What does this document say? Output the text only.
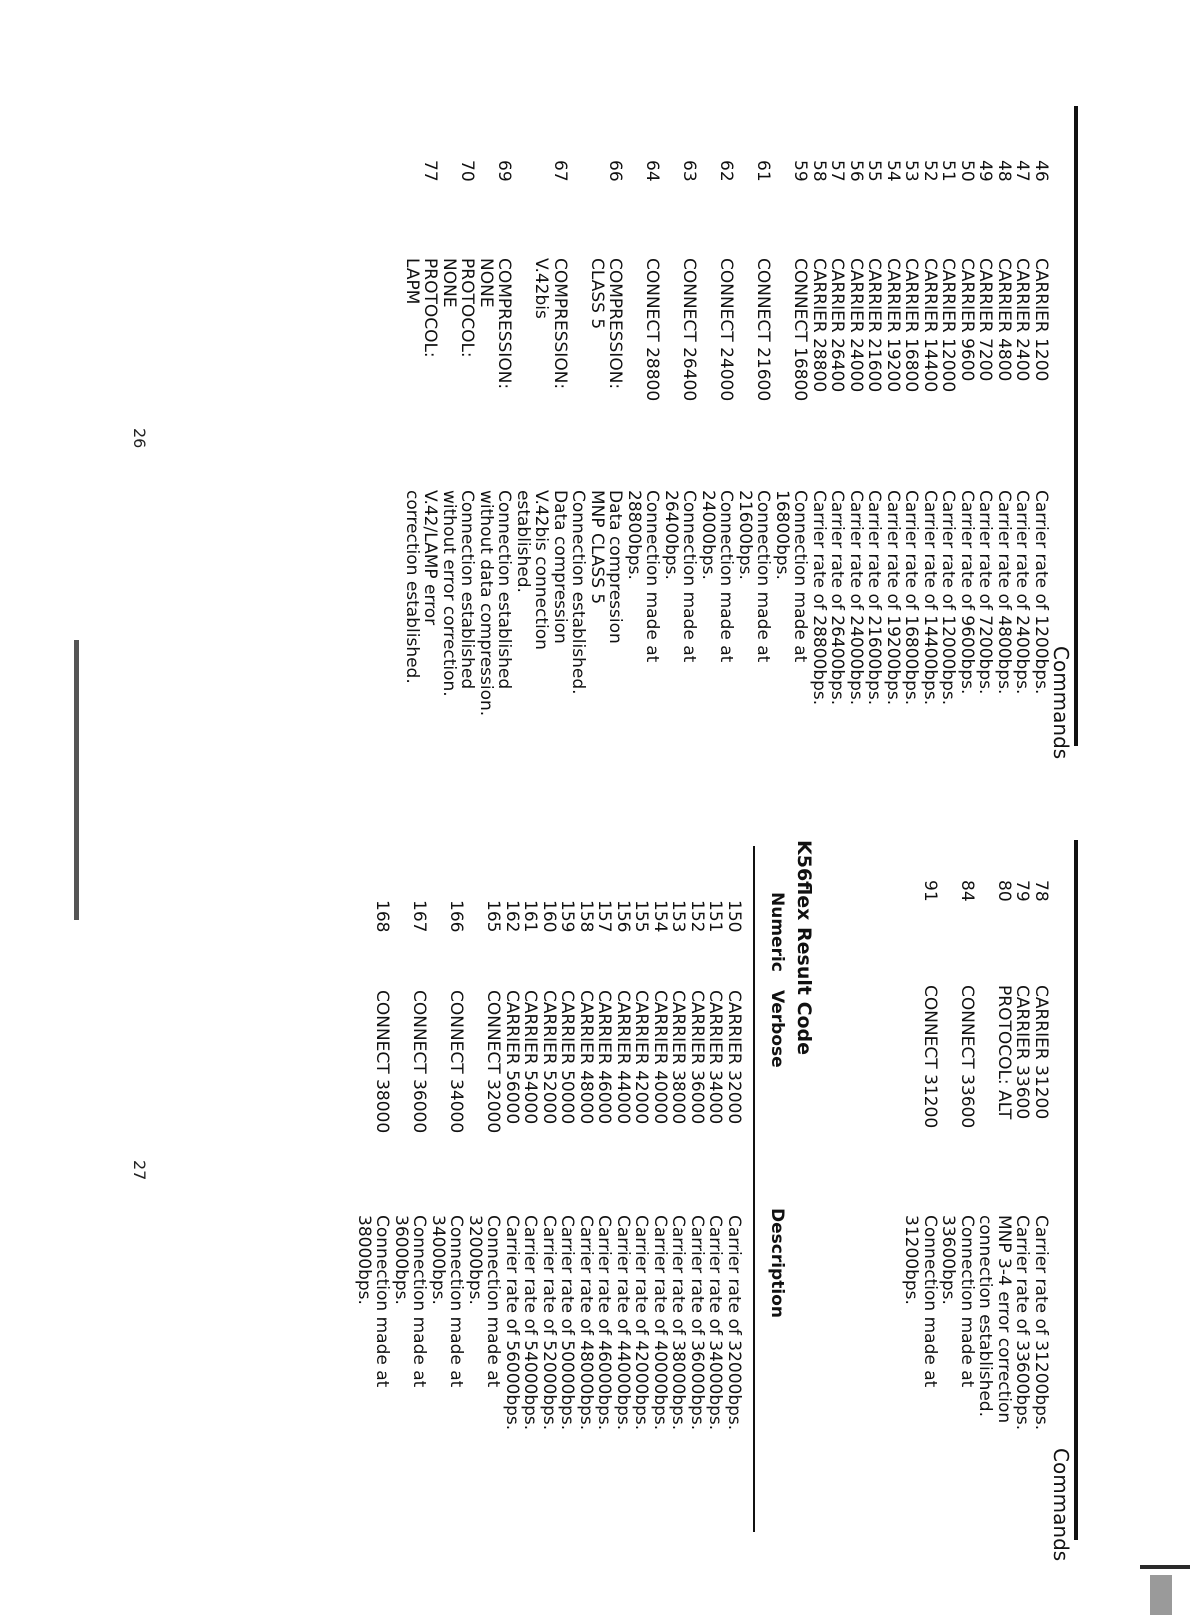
Commands
26
46
CARRIER 1200
Carrier rate of 1200bps.
47
CARRIER 2400
Carrier rate of 2400bps.
48
CARRIER 4800
Carrier rate of 4800bps.
49
CARRIER 7200
Carrier rate of 7200bps.
50
CARRIER 9600
Carrier rate of 9600bps.
51
CARRIER 12000
Carrier rate of 12000bps.
52
CARRIER 14400
Carrier rate of 14400bps.
53
CARRIER 16800
Carrier rate of 16800bps.
54
CARRIER 19200
Carrier rate of 19200bps.
55
CARRIER 21600
Carrier rate of 21600bps.
56
CARRIER 24000
Carrier rate of 24000bps.
57
CARRIER 26400
Carrier rate of 26400bps.
58
CARRIER 28800
Carrier rate of 28800bps.
59
CONNECT 16800
Connection made at
16800bps.
61
CONNECT 21600
Connection made at
21600bps.
62
CONNECT 24000
Connection made at
24000bps.
63
CONNECT 26400
Connection made at
26400bps.
64
CONNECT 28800
Connection made at
28800bps.
66
COMPRESSION:
CLASS 5
Data compression
MNP CLASS 5
Connection established.
67
COMPRESSION:
V.42bis
Data compression
V.42bis connection
established.
69
COMPRESSION:
NONE
Connection established
without data compression.
70
PROTOCOL:
NONE
Connection established
without error correction.
77
PROTOCOL:
LAPM
V.42/LAMP error
correction established.
Commands
27
78
CARRIER 31200
Carrier rate of 31200bps.
79
CARRIER 33600
Carrier rate of 33600bps.
80
PROTOCOL: ALT
MNP 3-4 error correction
connection established.
84
CONNECT 33600
Connection made at
33600bps.
91
CONNECT 31200
Connection made at
31200bps.
K56flex Result Code
Numeric
Verbose
Description
150
CARRIER 32000
Carrier rate of 32000bps.
151
CARRIER 34000
Carrier rate of 34000bps.
152
CARRIER 36000
Carrier rate of 36000bps.
153
CARRIER 38000
Carrier rate of 38000bps.
154
CARRIER 40000
Carrier rate of 40000bps.
155
CARRIER 42000
Carrier rate of 42000bps.
156
CARRIER 44000
Carrier rate of 44000bps.
157
CARRIER 46000
Carrier rate of 46000bps.
158
CARRIER 48000
Carrier rate of 48000bps.
159
CARRIER 50000
Carrier rate of 50000bps.
160
CARRIER 52000
Carrier rate of 52000bps.
161
CARRIER 54000
Carrier rate of 54000bps.
162
CARRIER 56000
Carrier rate of 56000bps.
165
CONNECT 32000
Connection made at
32000bps.
166
CONNECT 34000
Connection made at
34000bps.
167
CONNECT 36000
Connection made at
36000bps.
168
CONNECT 38000
Connection made at
38000bps.
